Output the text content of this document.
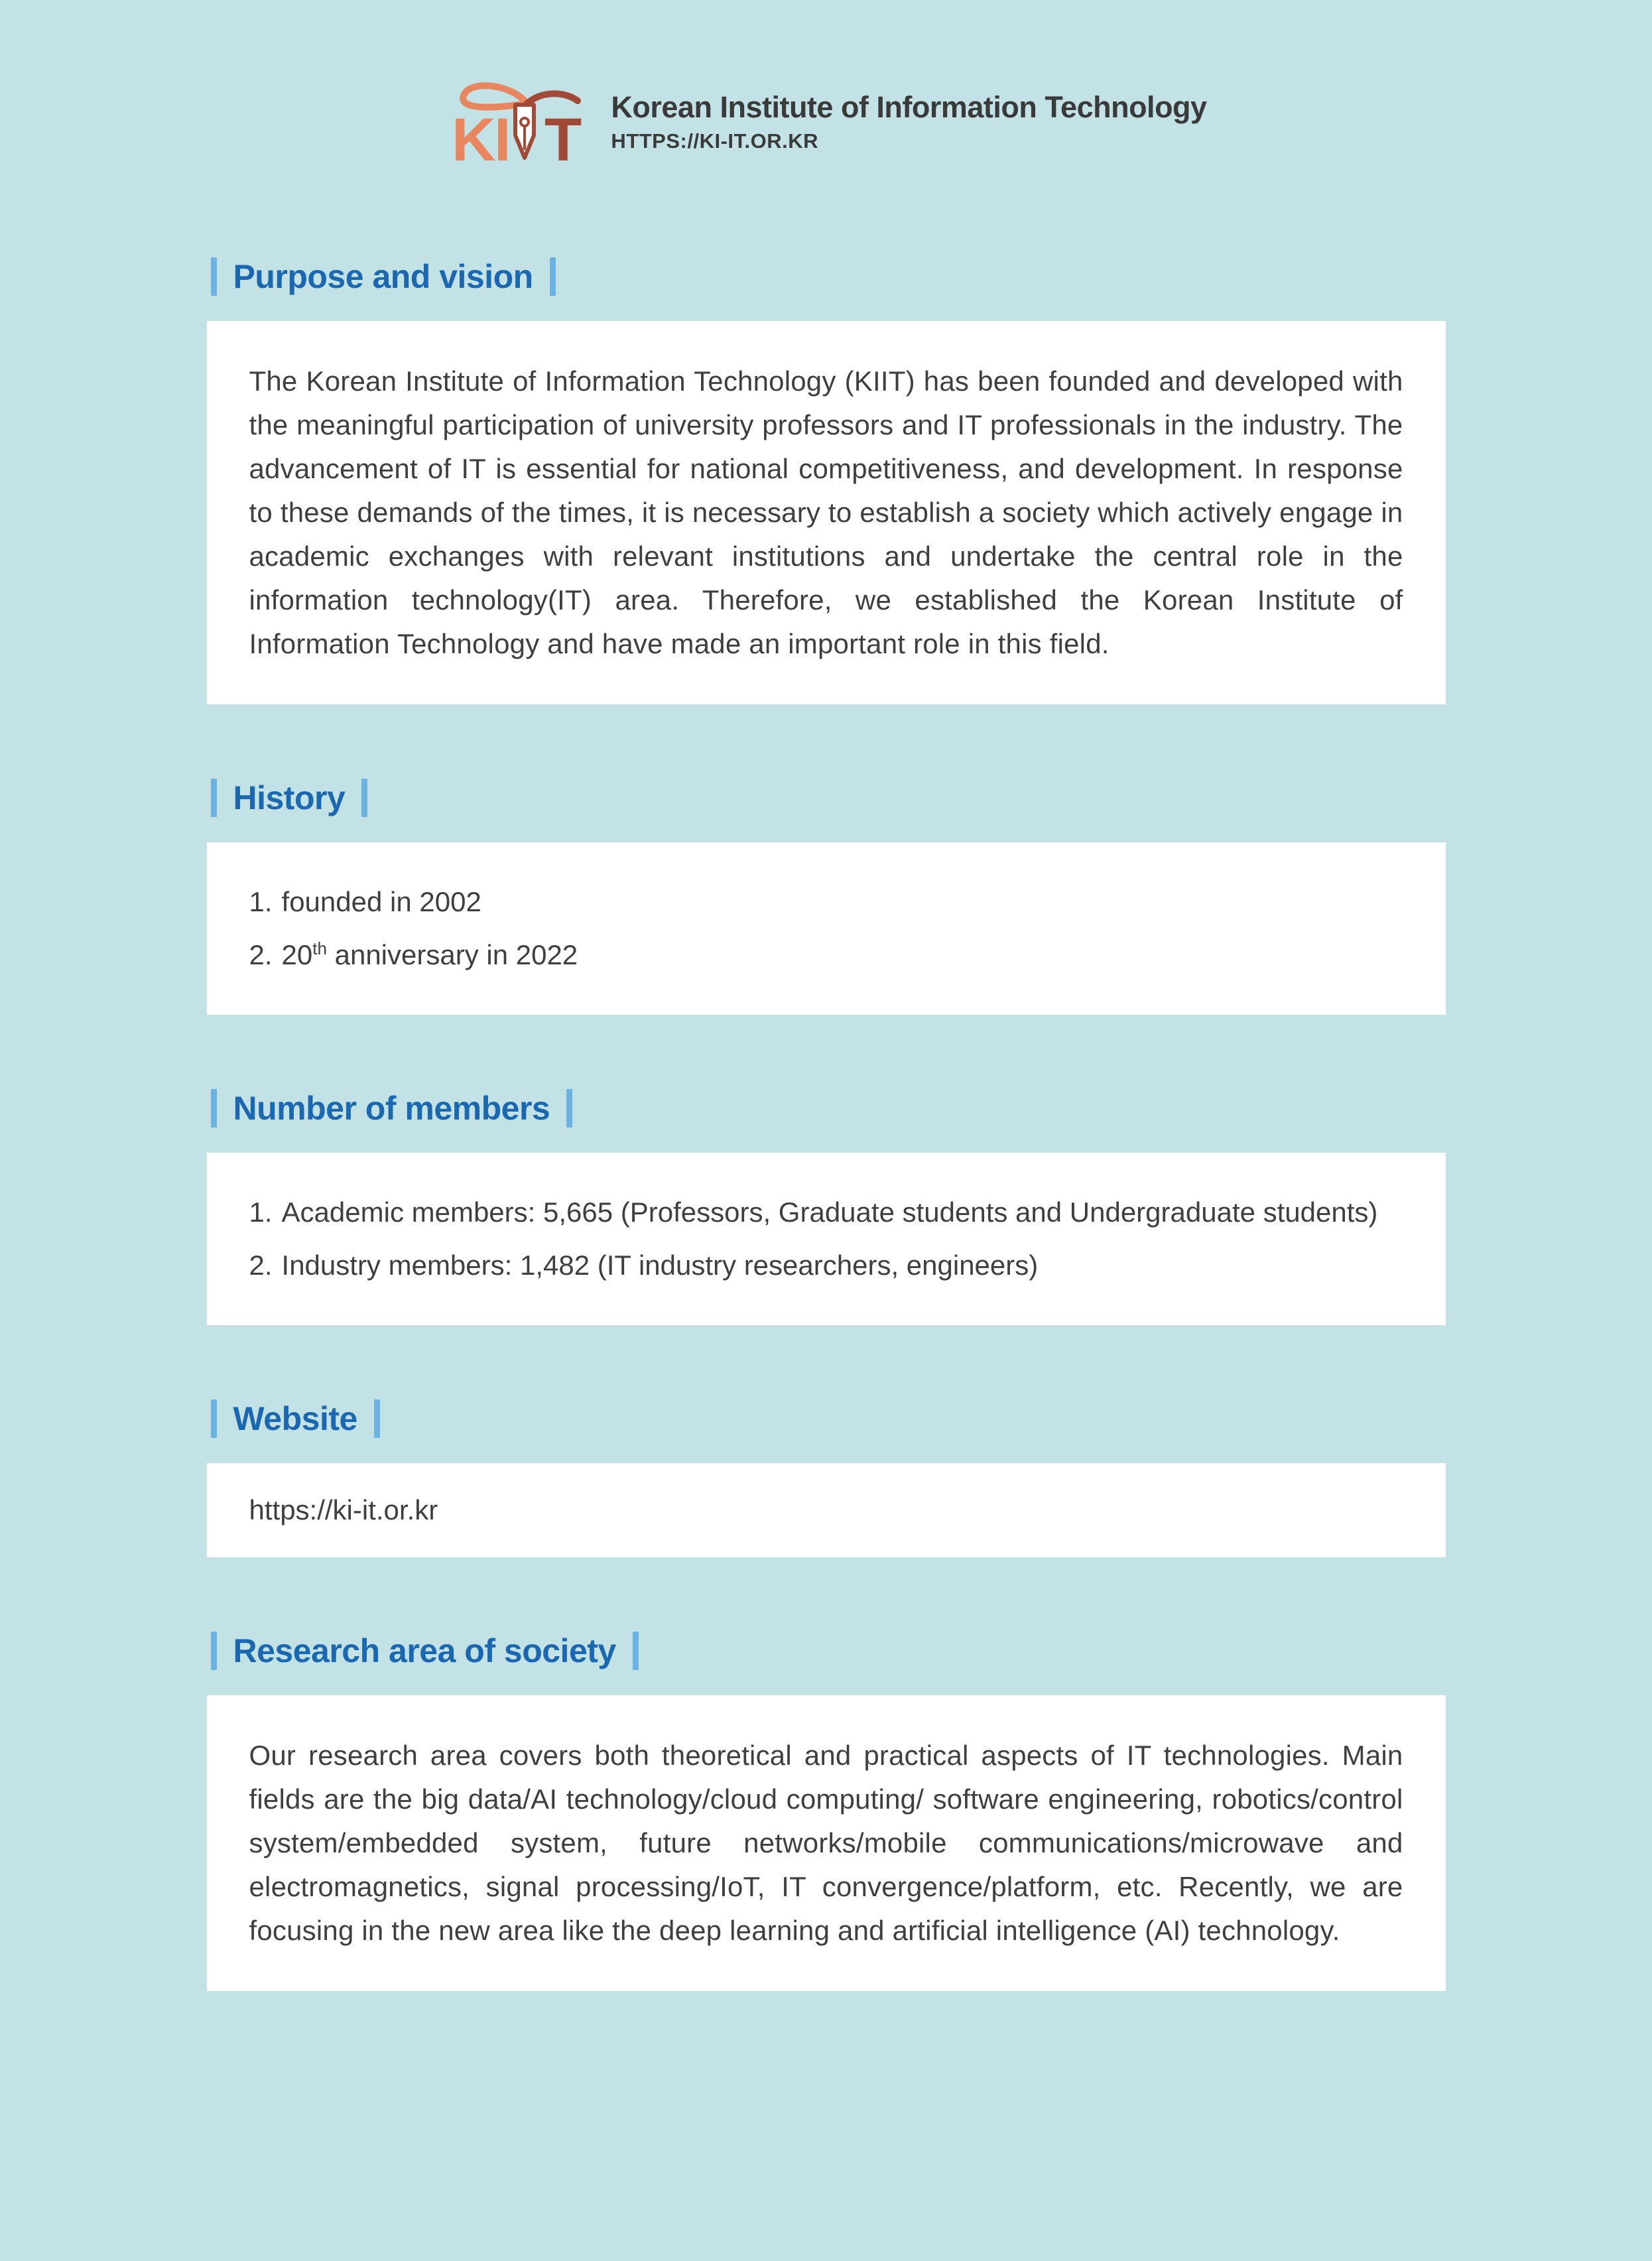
K
I T Korean Institute of Information Technology
HTTPS://KI-IT.OR.KR
Purpose and vision

The Korean Institute of Information Technology (KIIT) has been founded and developed with the meaningful participation of university professors and IT professionals in the industry. The advancement of IT is essential for national competitiveness, and development. In response to these demands of the times, it is necessary to establish a society which actively engage in academic exchanges with relevant institutions and undertake the central role in the information technology(IT) area. Therefore, we established the Korean Institute of Information Technology and have made an important role in this field.

History
1. founded in 2002
2. 20th anniversary in 2022
Number of members
1. Academic members: 5,665 (Professors, Graduate students and Undergraduate students)
2. Industry members: 1,482 (IT industry researchers, engineers)
Website

https://ki-it.or.kr

Research area of society

Our research area covers both theoretical and practical aspects of IT technologies. Main fields are the big data/AI technology/cloud computing/ software engineering, robotics/control system/embedded system, future networks/mobile communications/microwave and electromagnetics, signal processing/IoT, IT convergence/platform, etc. Recently, we are focusing in the new area like the deep learning and artificial intelligence (AI) technology.
